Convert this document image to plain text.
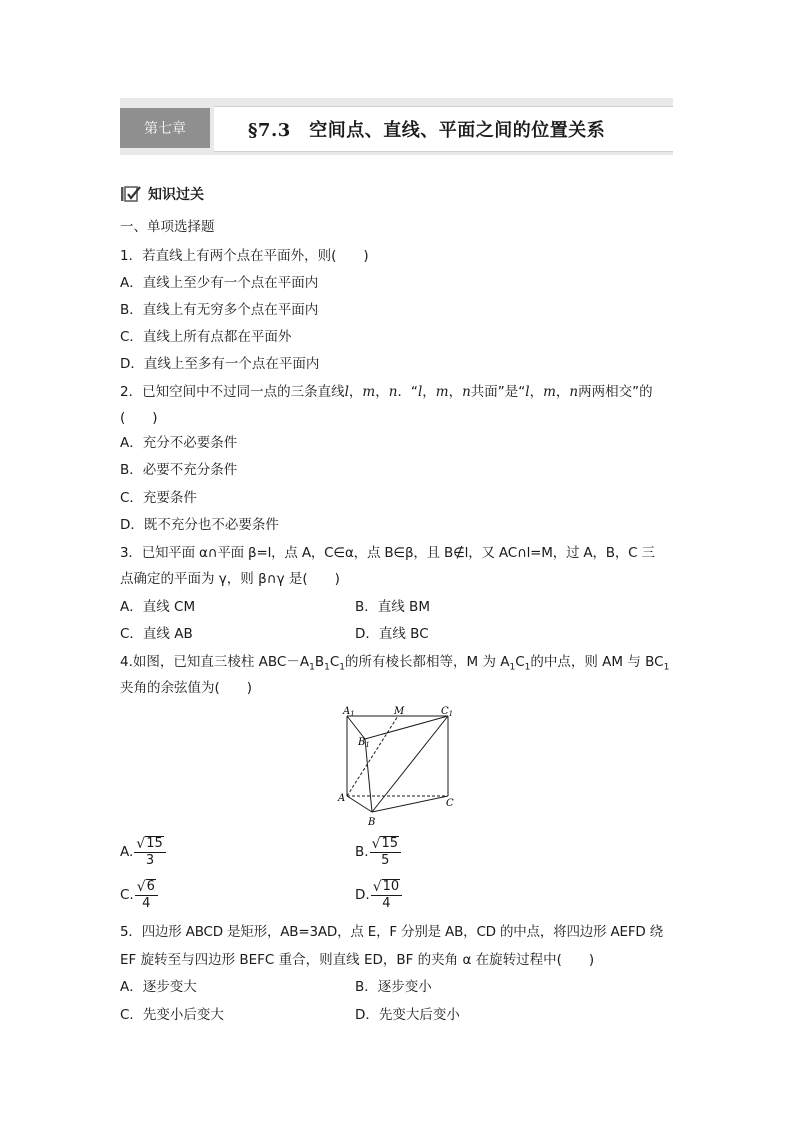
第七章	§7.3　空间点、直线、平面之间的位置关系
知识过关
一、单项选择题
1．若直线上有两个点在平面外，则(　　)
A．直线上至少有一个点在平面内
B．直线上有无穷多个点在平面内
C．直线上所有点都在平面外
D．直线上至多有一个点在平面内
2．已知空间中不过同一点的三条直线l，m，n．“l，m，n共面”是“l，m，n两两相交”的
(　　)
A．充分不必要条件
B．必要不充分条件
C．充要条件
D．既不充分也不必要条件
3．已知平面 α∩平面 β=l，点 A，C∈α，点 B∈β，且 B∉l，又 AC∩l=M，过 A，B，C 三
点确定的平面为 γ，则 β∩γ 是(　　)
A．直线 CM	B．直线 BM
C．直线 AB	D．直线 BC
4.如图，已知直三棱柱 $ABC-A_1B_1C_1$的所有棱长都相等，M 为 $A_1C_1$的中点，则 AM 与 $BC_1$
夹角的余弦值为(　　)
$A_1$	M	$C_1$
$B_1$
A
B
C
A. $\frac{√ 15}{3}$	B. $\frac{√ 15}{5}$
C. $\frac{√ 6}{4}$	D. $\frac{√ 10}{4}$
5．四边形 ABCD 是矩形，AB=3AD，点 E，F 分别是 AB，CD 的中点，将四边形 AEFD 绕
EF 旋转至与四边形 BEFC 重合，则直线 ED，BF 的夹角 α 在旋转过程中(　　)
A．逐步变大	B．逐步变小
C．先变小后变大	D．先变大后变小
